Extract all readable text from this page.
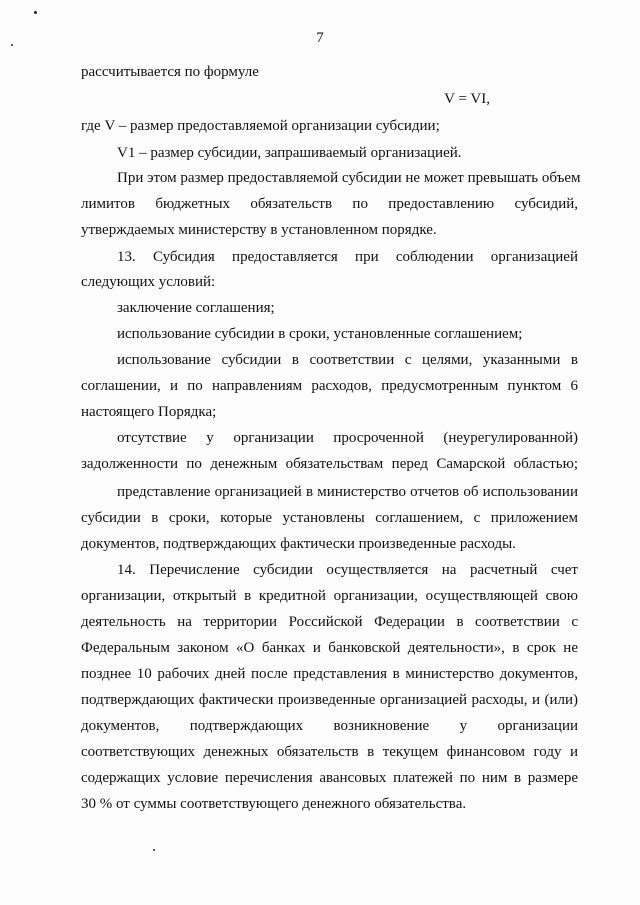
7
рассчитывается по формуле
V = VI,
где V – размер предоставляемой организации субсидии;
V1 – размер субсидии, запрашиваемый организацией.
При этом размер предоставляемой субсидии не может превышать объем
лимитов бюджетных обязательств по предоставлению субсидий,
утверждаемых министерству в установленном порядке.
13. Субсидия предоставляется при соблюдении организацией
следующих условий:
заключение соглашения;
использование субсидии в сроки, установленные соглашением;
использование субсидии в соответствии с целями, указанными в
соглашении, и по направлениям расходов, предусмотренным пунктом 6
настоящего Порядка;
отсутствие у организации просроченной (неурегулированной)
задолженности по денежным обязательствам перед Самарской областью;
представление организацией в министерство отчетов об использовании
субсидии в сроки, которые установлены соглашением, с приложением
документов, подтверждающих фактически произведенные расходы.
14. Перечисление субсидии осуществляется на расчетный счет
организации, открытый в кредитной организации, осуществляющей свою
деятельность на территории Российской Федерации в соответствии с
Федеральным законом «О банках и банковской деятельности», в срок не
позднее 10 рабочих дней после представления в министерство документов,
подтверждающих фактически произведенные организацией расходы, и (или)
документов, подтверждающих возникновение у организации
соответствующих денежных обязательств в текущем финансовом году и
содержащих условие перечисления авансовых платежей по ним в размере
30 % от суммы соответствующего денежного обязательства.
